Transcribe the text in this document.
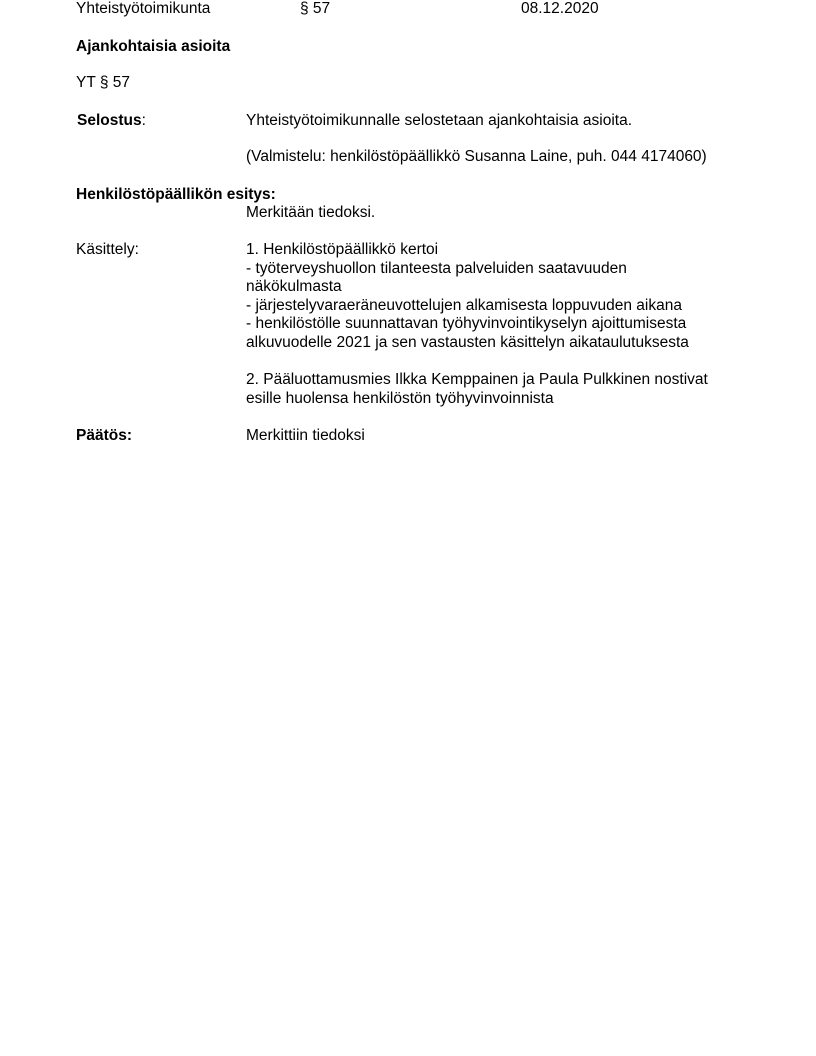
Yhteistyötoimikunta	§ 57	08.12.2020
Ajankohtaisia asioita
YT § 57
Selostus:	Yhteistyötoimikunnalle selostetaan ajankohtaisia asioita.
(Valmistelu: henkilöstöpäällikkö Susanna Laine, puh. 044 4174060)
Henkilöstöpäällikön esitys:
Merkitään tiedoksi.
Käsittely:	1. Henkilöstöpäällikkö kertoi
- työterveyshuollon tilanteesta palveluiden saatavuuden
näkökulmasta
- järjestelyvaraeräneuvottelujen alkamisesta loppuvuden aikana
- henkilöstölle suunnattavan työhyvinvointikyselyn ajoittumisesta
alkuvuodelle 2021 ja sen vastausten käsittelyn aikataulutuksesta
2. Pääluottamusmies Ilkka Kemppainen ja Paula Pulkkinen nostivat
esille huolensa henkilöstön työhyvinvoinnista
Päätös:	Merkittiin tiedoksi
